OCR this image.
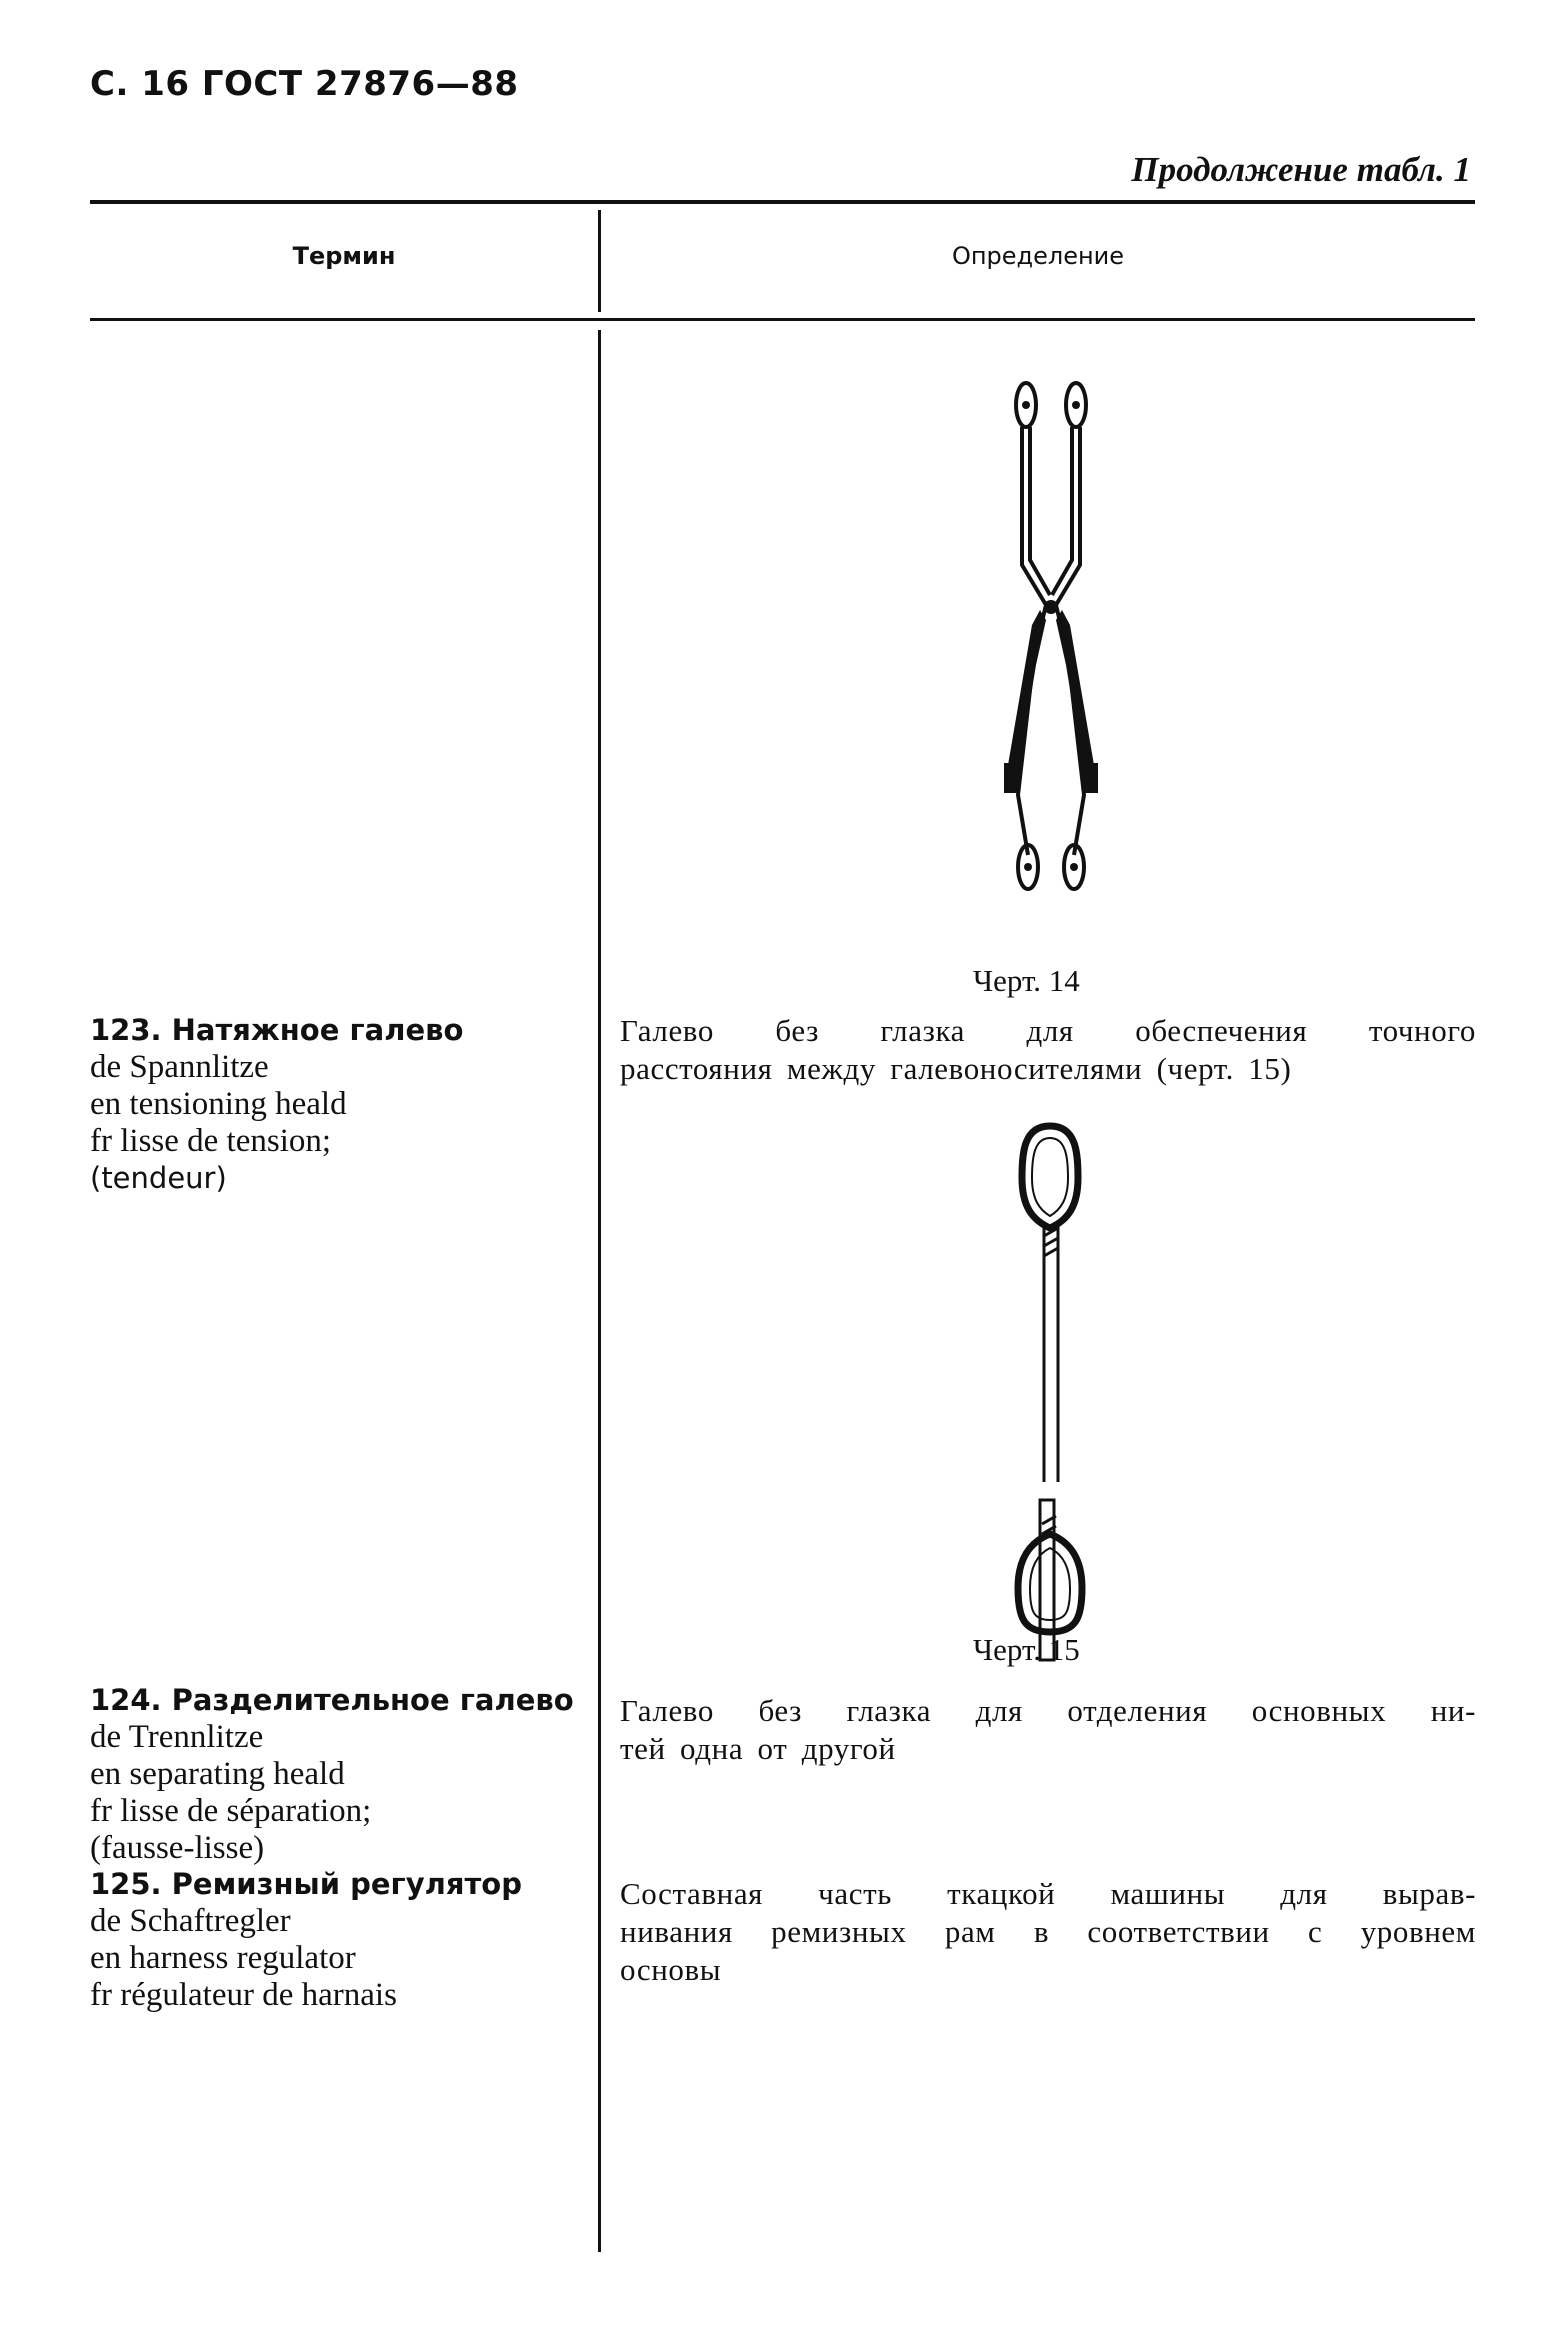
С. 16 ГОСТ 27876—88
Продолжение табл. 1
Термин	Определение
Черт. 14
123. Натяжное галево
de Spannlitze
en tensioning heald
fr lisse de tension;
(tendeur)
Галево без глазка для обеспечения точного
расстояния между галевоносителями (черт. 15)
Черт. 15
124. Разделительное галево
de Trennlitze
en separating heald
fr lisse de séparation;
(fausse-lisse)
Галево без глазка для отделения основных ни-
тей одна от другой
125. Ремизный регулятор
de Schaftregler
en harness regulator
fr régulateur de harnais
Составная часть ткацкой машины для вырав-
нивания ремизных рам в соответствии с уровнем
основы
